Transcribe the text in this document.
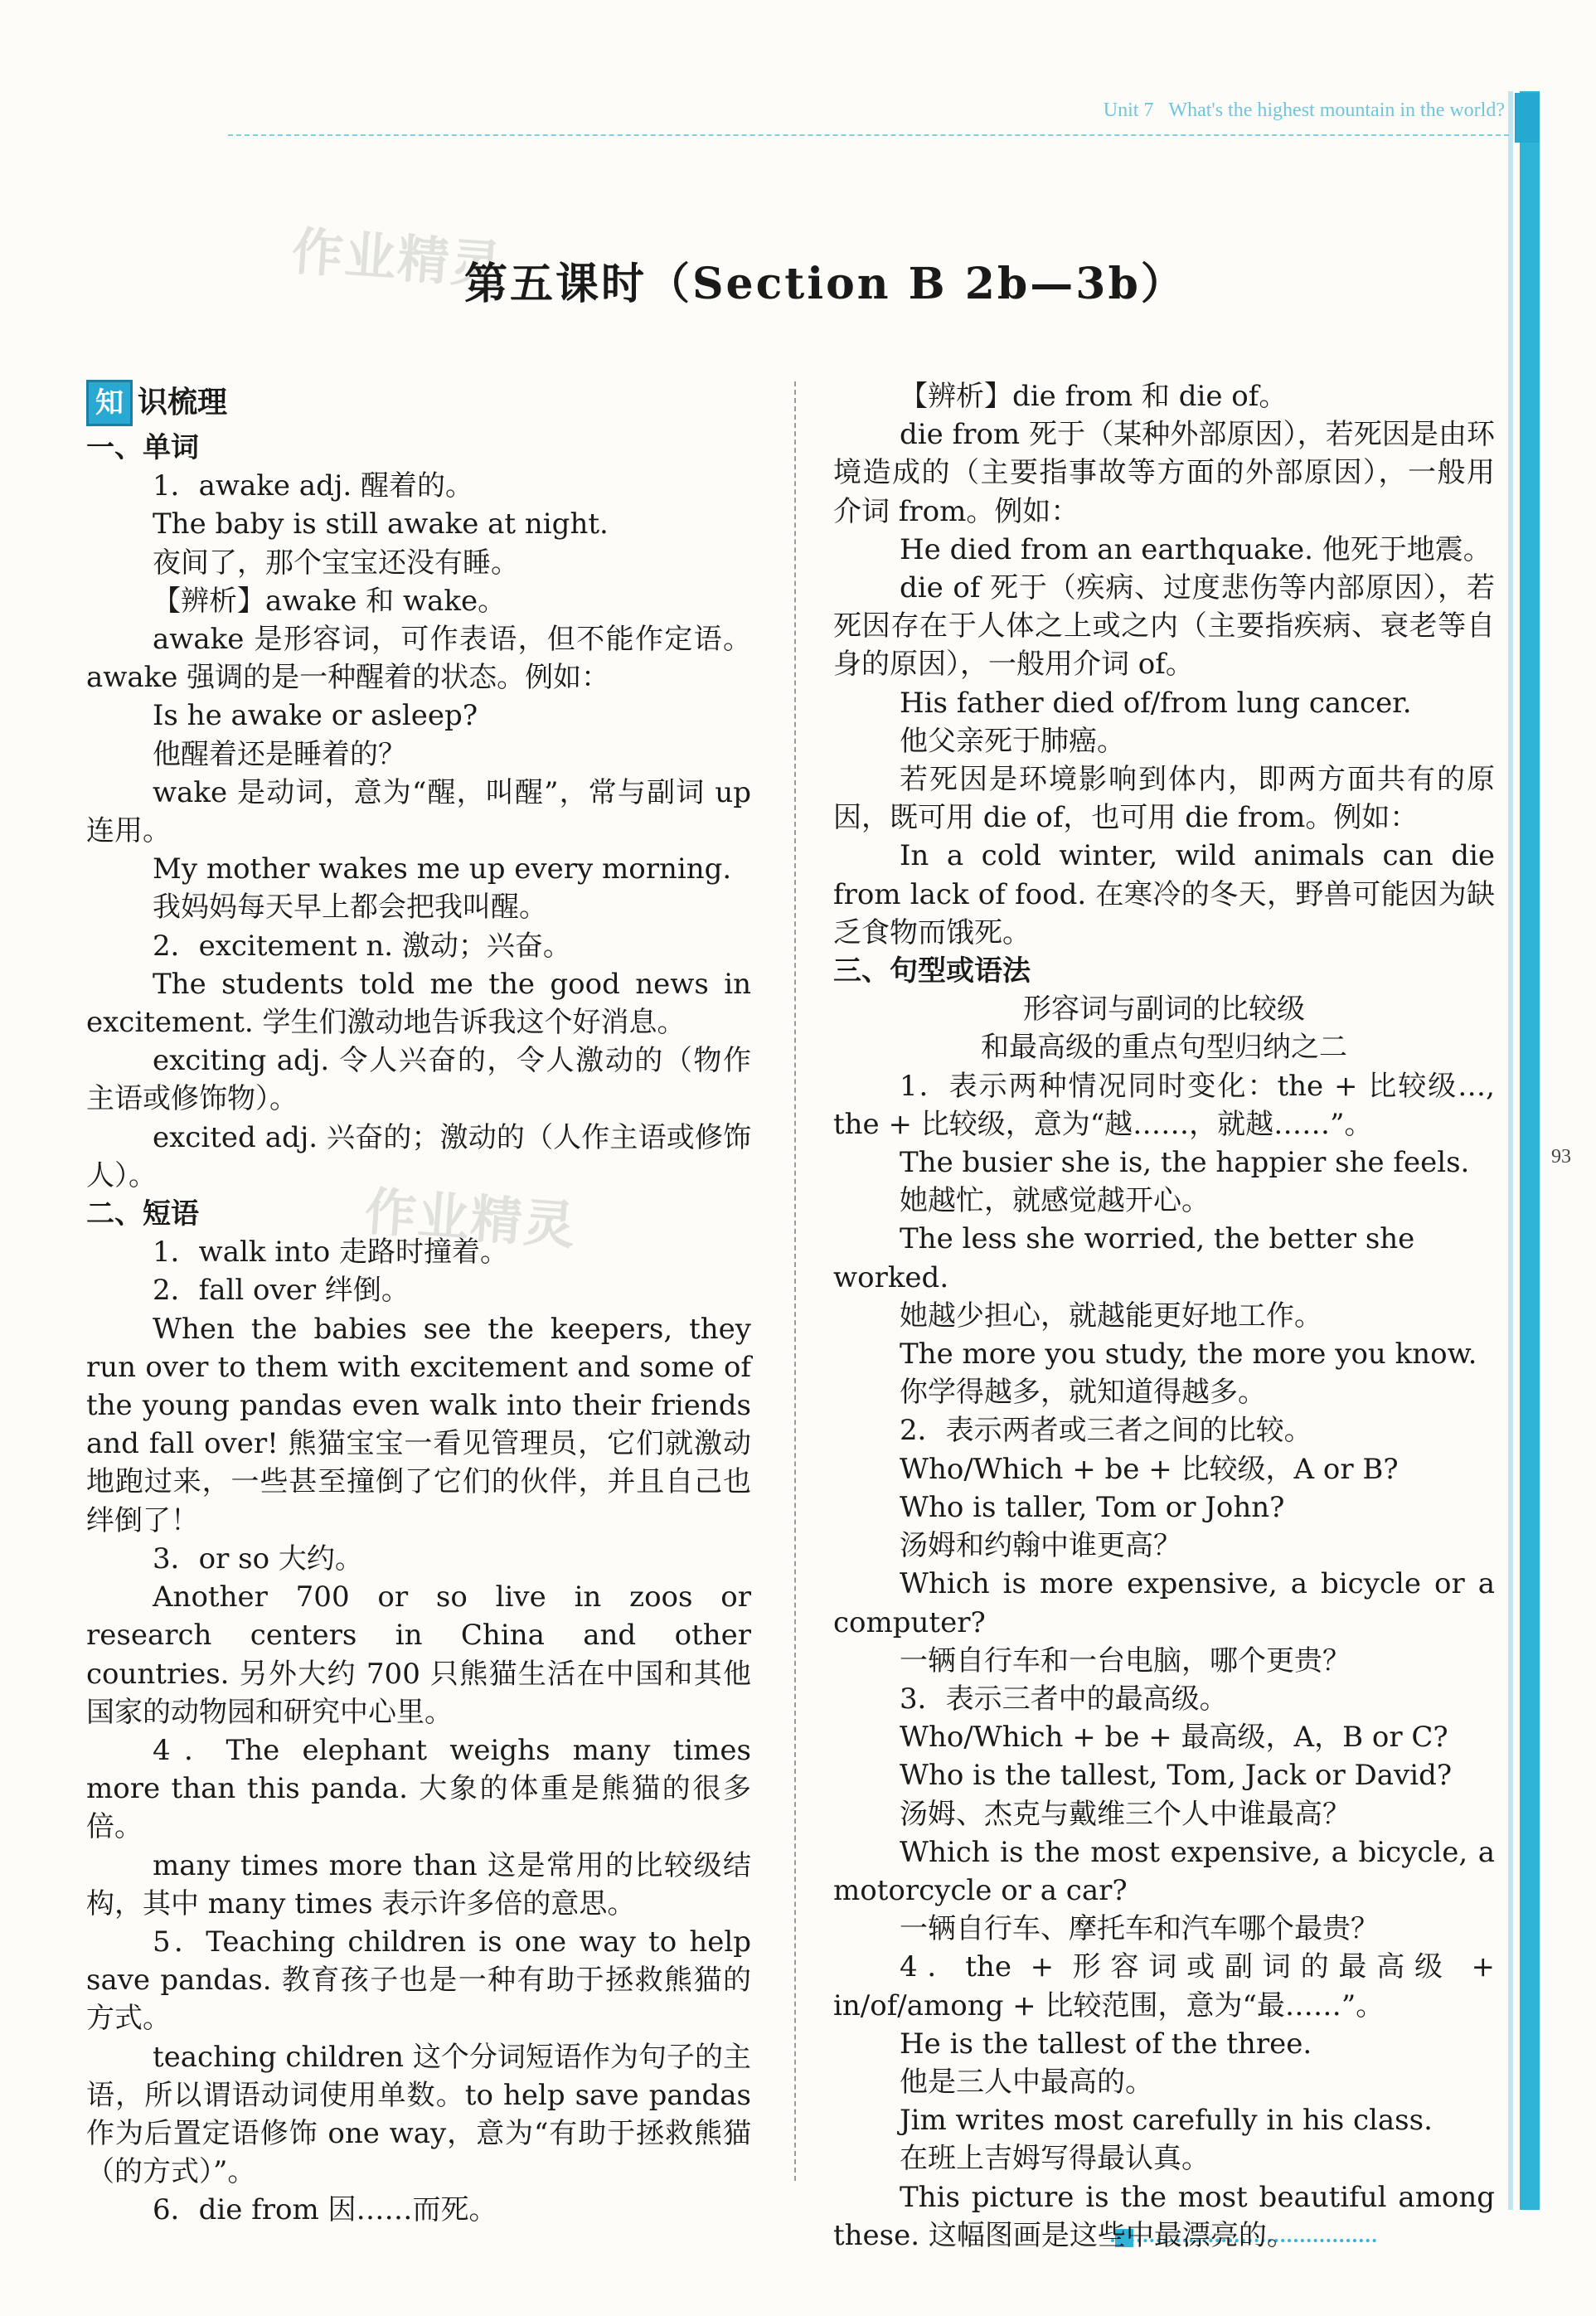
Unit 7 What's the highest mountain in the world?
93
作业精灵
作业精灵
第五课时（Section B 2b—3b）
知 识梳理

一、单词

1．awake adj. 醒着的。

The baby is still awake at night.

夜间了，那个宝宝还没有睡。

【辨析】awake 和 wake。

awake 是形容词，可作表语，但不能作定语。awake 强调的是一种醒着的状态。例如：

Is he awake or asleep?

他醒着还是睡着的？

wake 是动词，意为“醒，叫醒”，常与副词 up 连用。

My mother wakes me up every morning.

我妈妈每天早上都会把我叫醒。

2．excitement n. 激动；兴奋。

The students told me the good news in excitement. 学生们激动地告诉我这个好消息。

exciting adj. 令人兴奋的，令人激动的（物作主语或修饰物）。

excited adj. 兴奋的；激动的（人作主语或修饰人）。

二、短语

1．walk into 走路时撞着。

2．fall over 绊倒。

When the babies see the keepers, they run over to them with excitement and some of the young pandas even walk into their friends and fall over! 熊猫宝宝一看见管理员，它们就激动地跑过来，一些甚至撞倒了它们的伙伴，并且自己也绊倒了！

3．or so 大约。

Another 700 or so live in zoos or research centers in China and other countries. 另外大约 700 只熊猫生活在中国和其他国家的动物园和研究中心里。

4．The elephant weighs many times more than this panda. 大象的体重是熊猫的很多倍。

many times more than 这是常用的比较级结构，其中 many times 表示许多倍的意思。

5．Teaching children is one way to help save pandas. 教育孩子也是一种有助于拯救熊猫的方式。

teaching children 这个分词短语作为句子的主语，所以谓语动词使用单数。to help save pandas 作为后置定语修饰 one way，意为“有助于拯救熊猫（的方式）”。

6．die from 因……而死。

【辨析】die from 和 die of。

die from 死于（某种外部原因），若死因是由环境造成的（主要指事故等方面的外部原因），一般用介词 from。例如：

He died from an earthquake. 他死于地震。

die of 死于（疾病、过度悲伤等内部原因），若死因存在于人体之上或之内（主要指疾病、衰老等自身的原因），一般用介词 of。

His father died of/from lung cancer.

他父亲死于肺癌。

若死因是环境影响到体内，即两方面共有的原因，既可用 die of，也可用 die from。例如：

In a cold winter, wild animals can die from lack of food. 在寒冷的冬天，野兽可能因为缺乏食物而饿死。

三、句型或语法

形容词与副词的比较级

和最高级的重点句型归纳之二

1．表示两种情况同时变化：the + 比较级…, the + 比较级，意为“越……，就越……”。

The busier she is, the happier she feels.

她越忙，就感觉越开心。

The less she worried, the better she worked.

她越少担心，就越能更好地工作。

The more you study, the more you know.

你学得越多，就知道得越多。

2．表示两者或三者之间的比较。

Who/Which + be + 比较级，A or B?

Who is taller, Tom or John?

汤姆和约翰中谁更高？

Which is more expensive, a bicycle or a computer?

一辆自行车和一台电脑，哪个更贵？

3．表示三者中的最高级。

Who/Which + be + 最高级，A，B or C?

Who is the tallest, Tom, Jack or David?

汤姆、杰克与戴维三个人中谁最高？

Which is the most expensive, a bicycle, a motorcycle or a car?

一辆自行车、摩托车和汽车哪个最贵？

4．the + 形容词或副词的最高级 + in/of/among + 比较范围，意为“最……”。

He is the tallest of the three.

他是三人中最高的。

Jim writes most carefully in his class.

在班上吉姆写得最认真。

This picture is the most beautiful among these. 这幅图画是这些中最漂亮的。
